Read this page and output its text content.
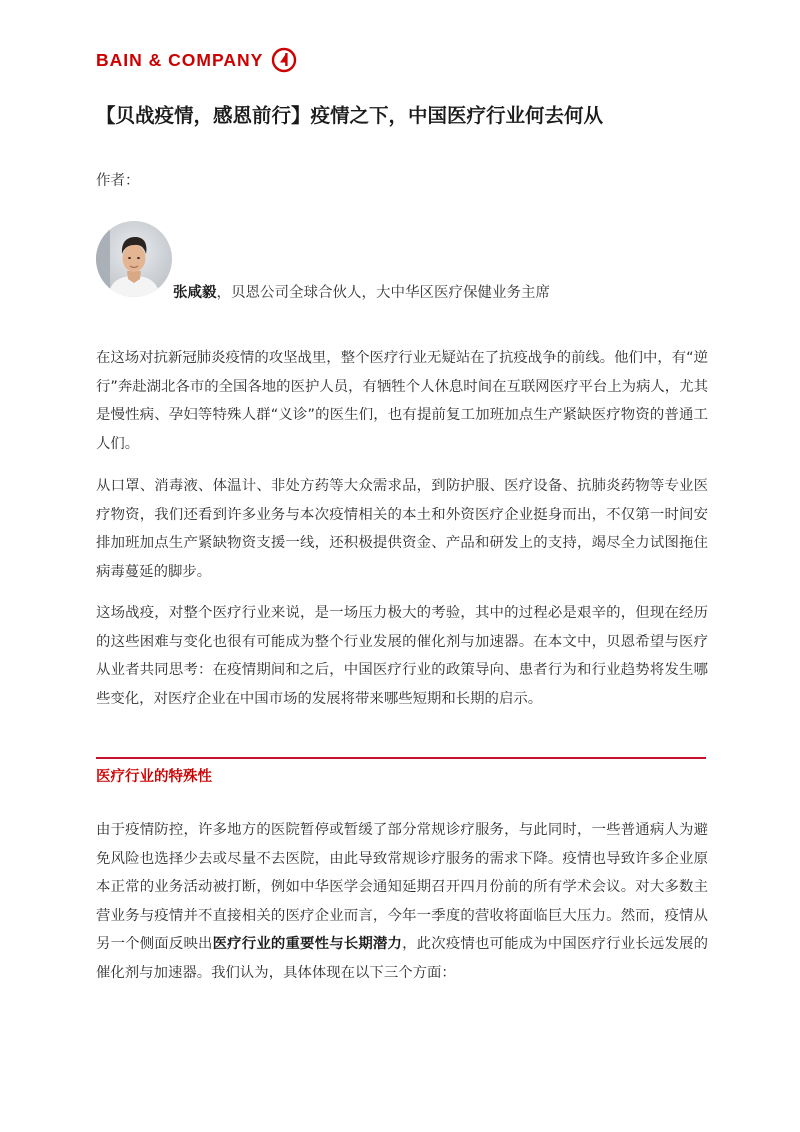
BAIN & COMPANY
【贝战疫情，感恩前行】疫情之下，中国医疗行业何去何从

作者：

张咸毅，贝恩公司全球合伙人，大中华区医疗保健业务主席

在这场对抗新冠肺炎疫情的攻坚战里，整个医疗行业无疑站在了抗疫战争的前线。他们中，有“逆行”奔赴湖北各市的全国各地的医护人员，有牺牲个人休息时间在互联网医疗平台上为病人，尤其是慢性病、孕妇等特殊人群“义诊”的医生们，也有提前复工加班加点生产紧缺医疗物资的普通工人们。

从口罩、消毒液、体温计、非处方药等大众需求品，到防护服、医疗设备、抗肺炎药物等专业医疗物资，我们还看到许多业务与本次疫情相关的本土和外资医疗企业挺身而出，不仅第一时间安排加班加点生产紧缺物资支援一线，还积极提供资金、产品和研发上的支持，竭尽全力试图拖住病毒蔓延的脚步。

这场战疫，对整个医疗行业来说，是一场压力极大的考验，其中的过程必是艰辛的，但现在经历的这些困难与变化也很有可能成为整个行业发展的催化剂与加速器。在本文中，贝恩希望与医疗从业者共同思考：在疫情期间和之后，中国医疗行业的政策导向、患者行为和行业趋势将发生哪些变化，对医疗企业在中国市场的发展将带来哪些短期和长期的启示。

医疗行业的特殊性

由于疫情防控，许多地方的医院暂停或暂缓了部分常规诊疗服务，与此同时，一些普通病人为避免风险也选择少去或尽量不去医院，由此导致常规诊疗服务的需求下降。疫情也导致许多企业原本正常的业务活动被打断，例如中华医学会通知延期召开四月份前的所有学术会议。对大多数主营业务与疫情并不直接相关的医疗企业而言，今年一季度的营收将面临巨大压力。然而，疫情从另一个侧面反映出医疗行业的重要性与长期潜力，此次疫情也可能成为中国医疗行业长远发展的催化剂与加速器。我们认为，具体体现在以下三个方面：
